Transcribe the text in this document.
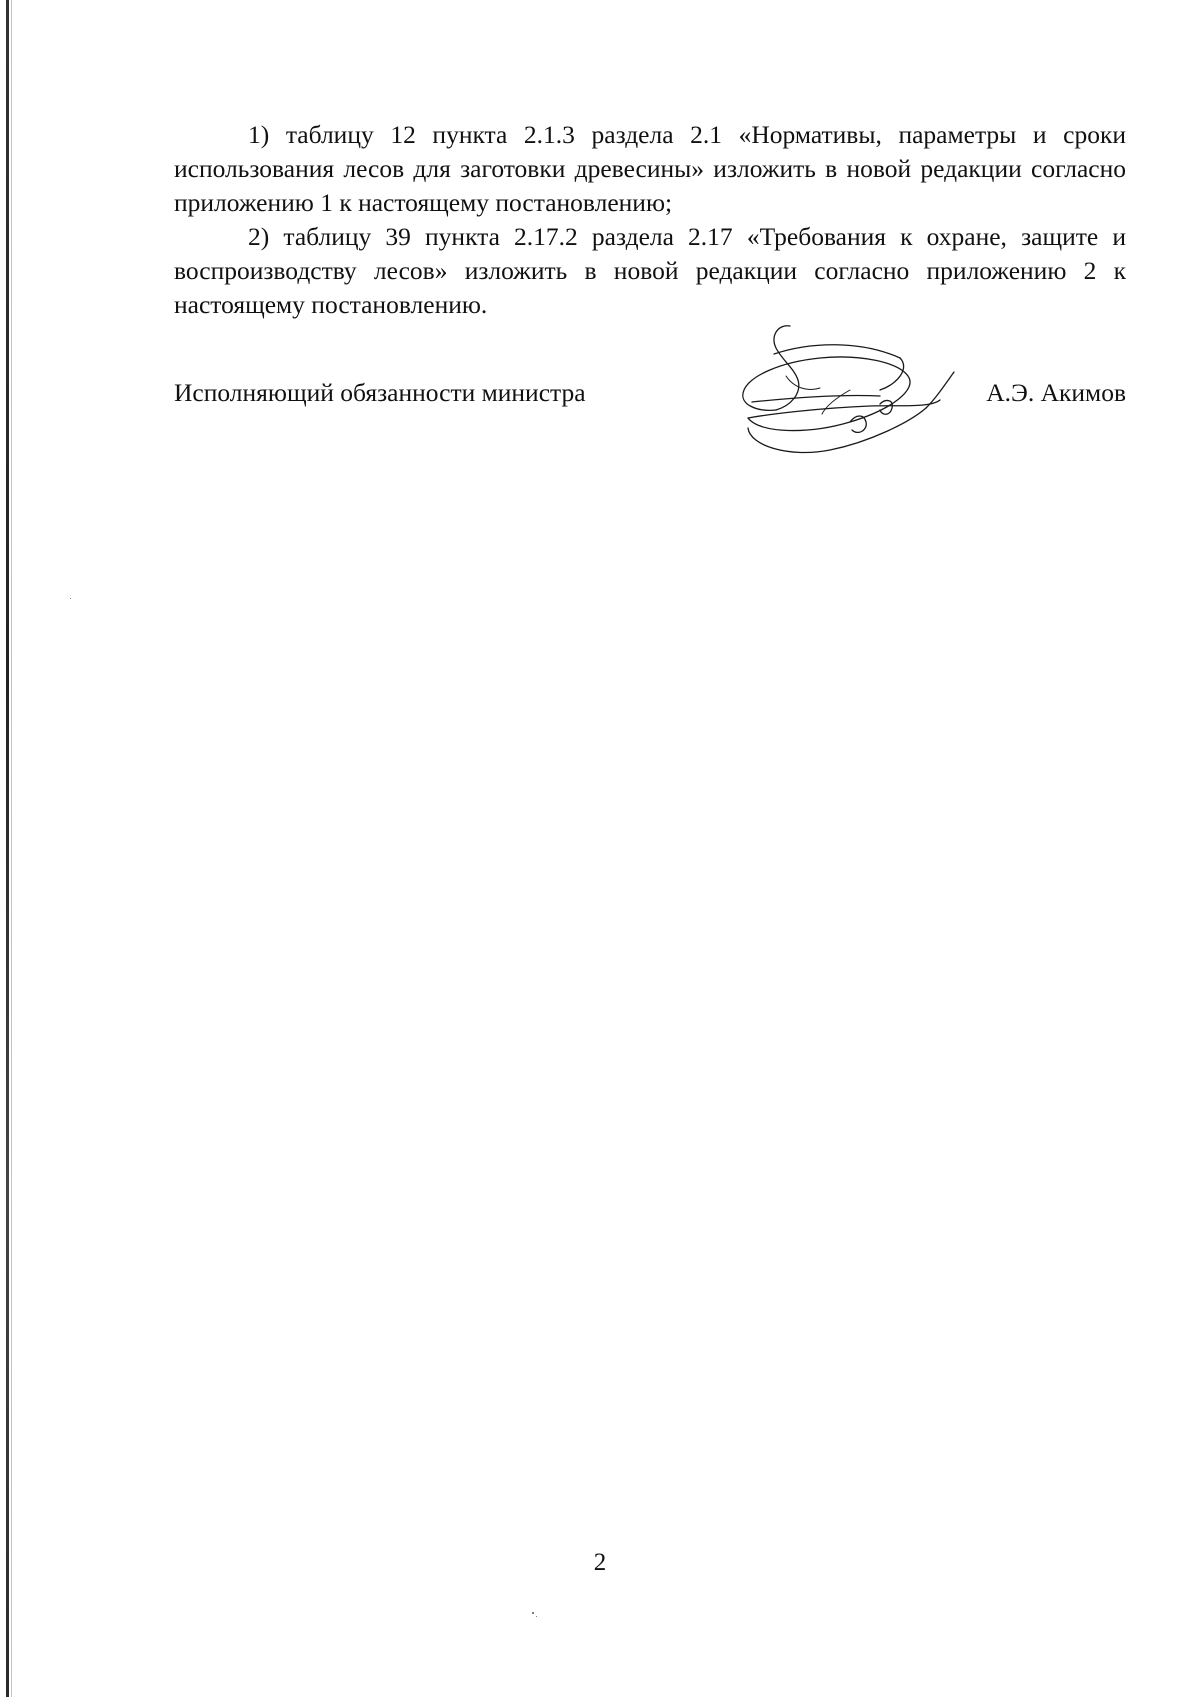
1) таблицу 12 пункта 2.1.3 раздела 2.1 «Нормативы, параметры и сроки использования лесов для заготовки древесины» изложить в новой редакции согласно приложению 1 к настоящему постановлению;

2) таблицу 39 пункта 2.17.2 раздела 2.17 «Требования к охране, защите и воспроизводству лесов» изложить в новой редакции согласно приложению 2 к настоящему постановлению.

Исполняющий обязанности министра	А.Э. Акимов
2
